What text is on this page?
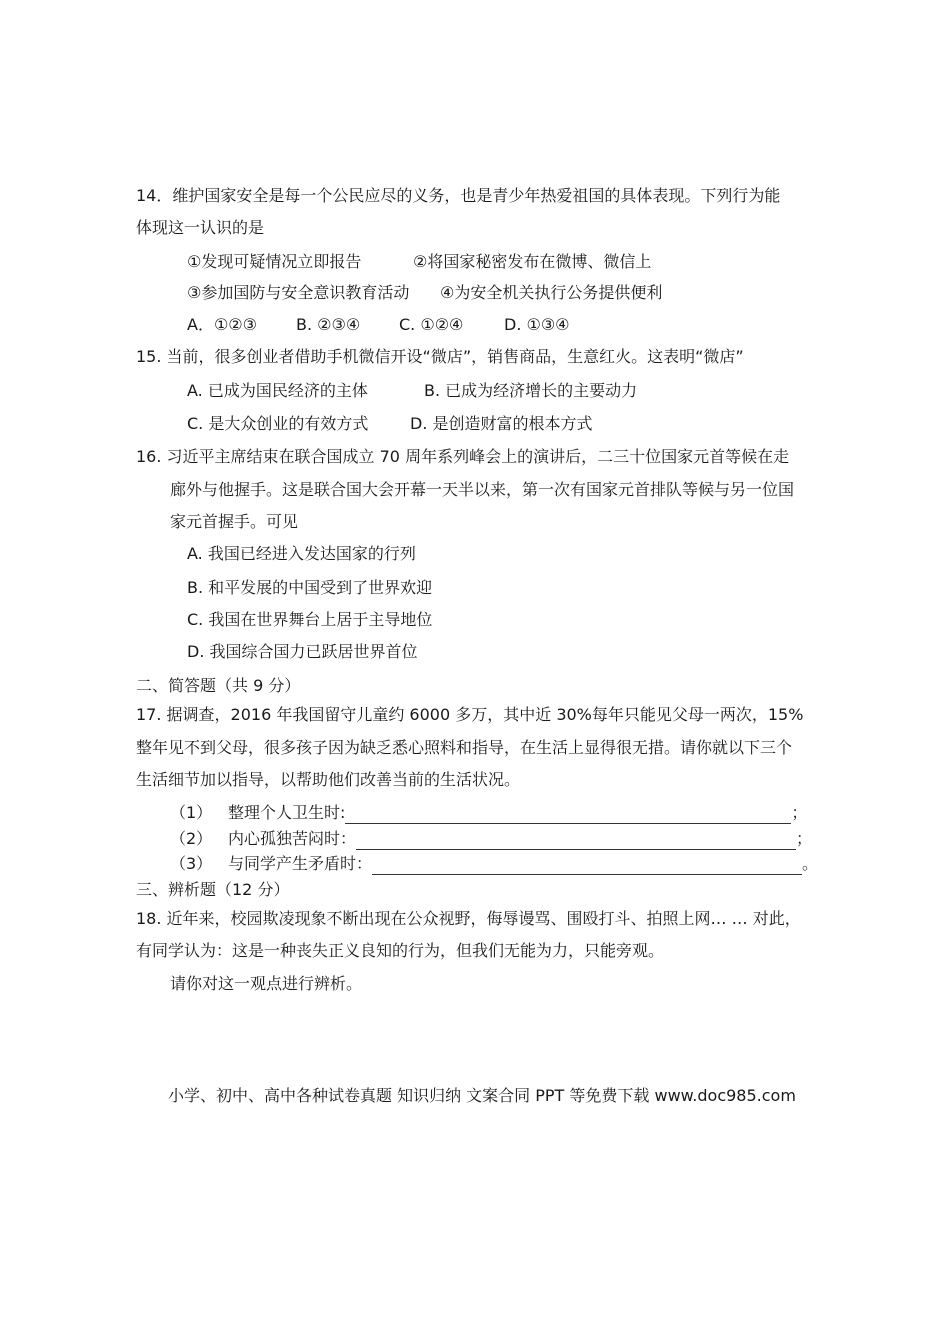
14．维护国家安全是每一个公民应尽的义务，也是青少年热爱祖国的具体表现。下列行为能
体现这一认识的是
①发现可疑情况立即报告	②将国家秘密发布在微博、微信上
③参加国防与安全意识教育活动 ④为安全机关执行公务提供便利
A．①②③ B. ②③④ C. ①②④	D. ①③④
15. 当前，很多创业者借助手机微信开设“微店”，销售商品，生意红火。这表明“微店”
A. 已成为国民经济的主体	B. 已成为经济增长的主要动力
C. 是大众创业的有效方式	D. 是创造财富的根本方式
16. 习近平主席结束在联合国成立 70 周年系列峰会上的演讲后，二三十位国家元首等候在走
廊外与他握手。这是联合国大会开幕一天半以来，第一次有国家元首排队等候与另一位国
家元首握手。可见
A. 我国已经进入发达国家的行列
B. 和平发展的中国受到了世界欢迎
C. 我国在世界舞台上居于主导地位
D. 我国综合国力已跃居世界首位
二、简答题（共 9 分）
17. 据调查，2016 年我国留守儿童约 6000 多万，其中近 30%每年只能见父母一两次，15%
整年见不到父母，很多孩子因为缺乏悉心照料和指导，在生活上显得很无措。请你就以下三个
生活细节加以指导，以帮助他们改善当前的生活状况。
（1） 整理个人卫生时:	；
（2） 内心孤独苦闷时：	；
（3） 与同学产生矛盾时：	。
三、辨析题（12 分）
18. 近年来，校园欺凌现象不断出现在公众视野，侮辱谩骂、围殴打斗、拍照上网… … 对此，
有同学认为：这是一种丧失正义良知的行为，但我们无能为力，只能旁观。
请你对这一观点进行辨析。
小学、初中、高中各种试卷真题 知识归纳 文案合同 PPT 等免费下载 www.doc985.com
